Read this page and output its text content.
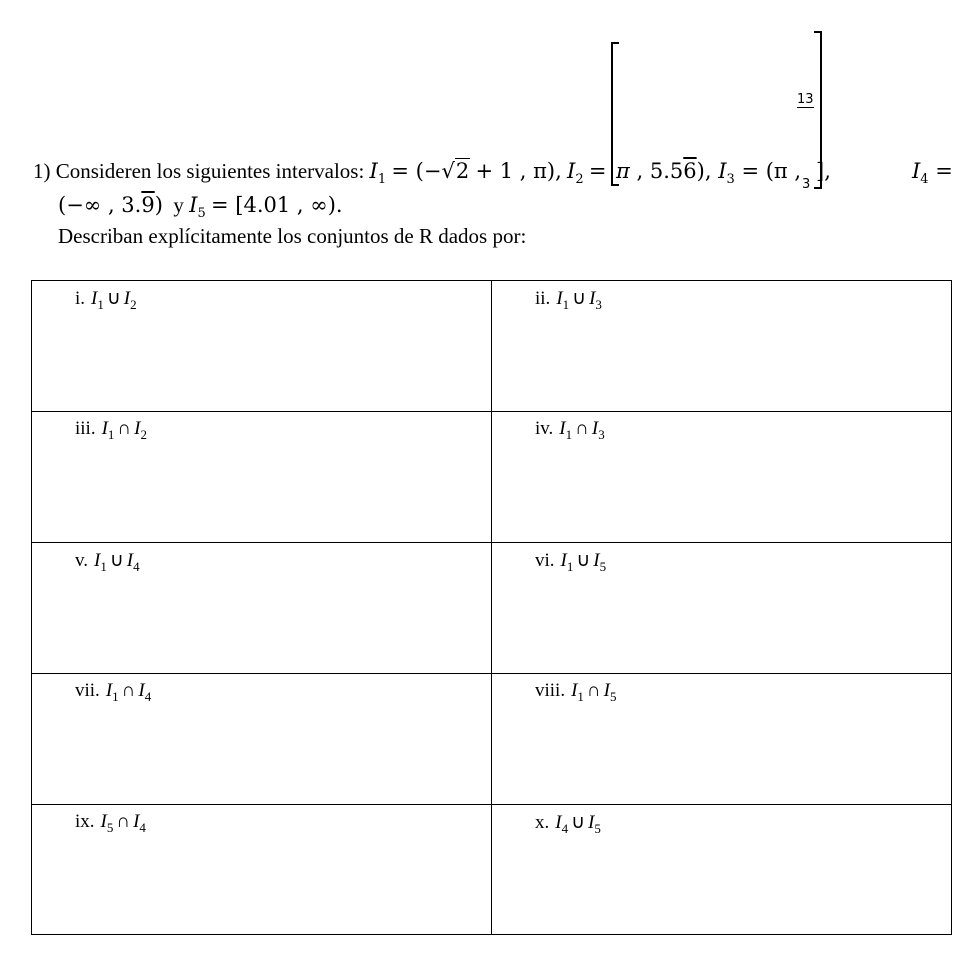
13
3
1) Consideren los siguientes intervalos: $I_1 = (-√2 + 1$ , π), $I_2 = \pi$ , 5.56), $I_3 = (\pi$ , ],	$I_4$ =
(−∞ , 3.9) y $I_5 = [4.01$ , ∞).
Describan explícitamente los conjuntos de R dados por:
i. $I_1$ ∪ $I_2$	ii. $I_1$ ∪ $I_3$
iii. $I_1$ ∩ $I_2$	iv. $I_1$ ∩ $I_3$
v. $I_1$ ∪ $I_4$	vi. $I_1$ ∪ $I_5$
vii. $I_1$ ∩ $I_4$	viii. $I_1$ ∩ $I_5$
ix. $I_5$ ∩ $I_4$	x. $I_4$ ∪ $I_5$
